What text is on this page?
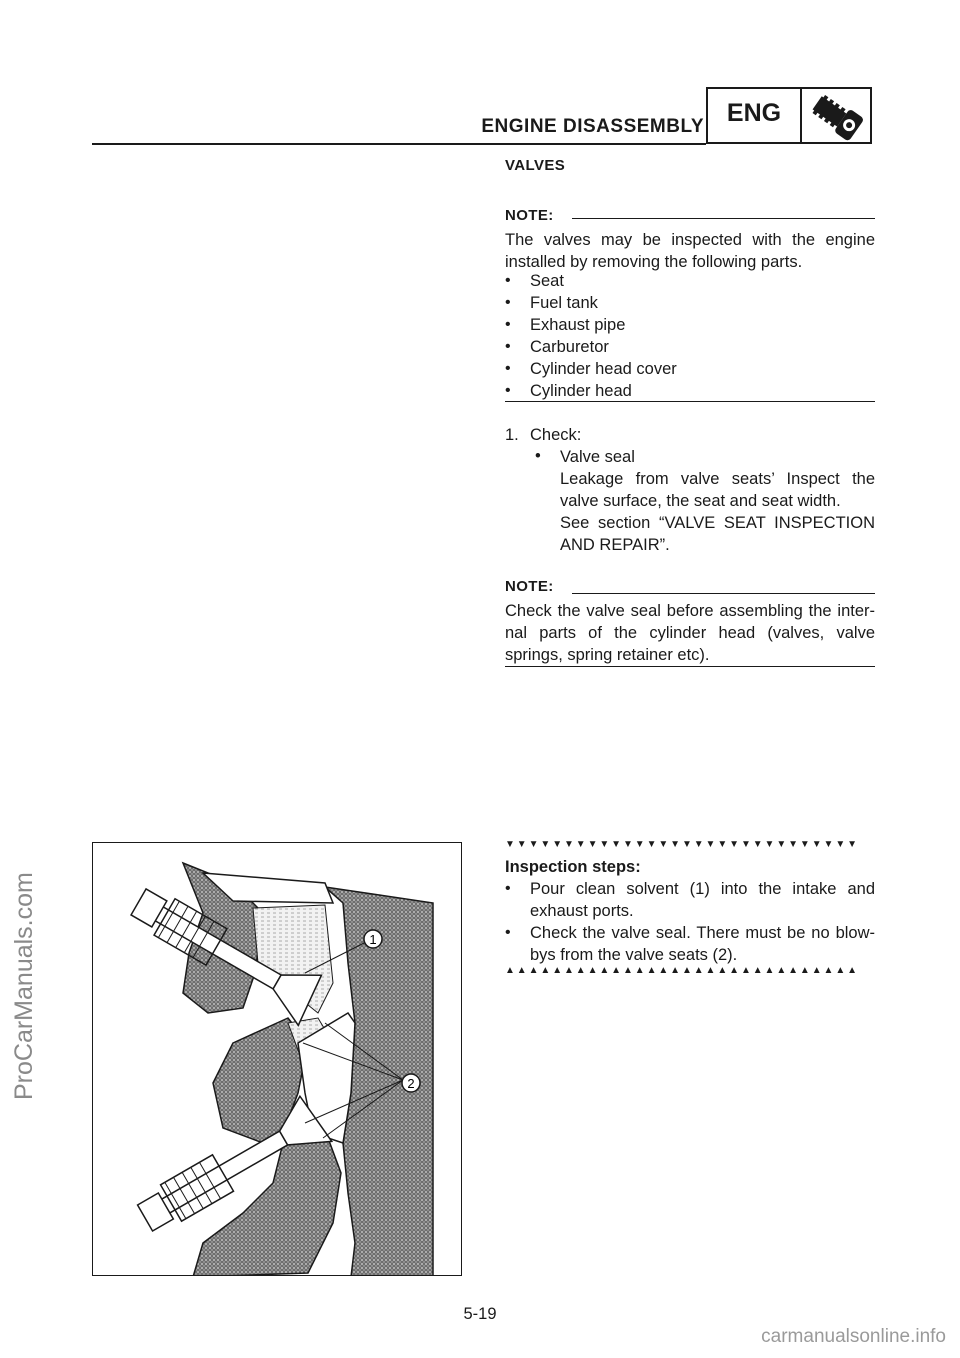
ENGINE DISASSEMBLY ENG
ProCarManuals.com
VALVES
NOTE:
The valves may be inspected with the engine installed by removing the following parts.
• Seat
• Fuel tank
• Exhaust pipe
• Carburetor
• Cylinder head cover
• Cylinder head
1. Check:
• Valve seal
Leakage from valve seats’ Inspect the valve surface, the seat and seat width.
See section “VALVE SEAT INSPECTION AND REPAIR”.
NOTE:
Check the valve seal before assembling the inter- nal parts of the cylinder head (valves, valve springs, spring retainer etc).
▼▼▼▼▼▼▼▼▼▼▼▼▼▼▼▼▼▼▼▼▼▼▼▼▼▼▼▼▼▼
Inspection steps:
• Pour clean solvent (1) into the intake and exhaust ports.
• Check the valve seal. There must be no blow- bys from the valve seats (2).
▲▲▲▲▲▲▲▲▲▲▲▲▲▲▲▲▲▲▲▲▲▲▲▲▲▲▲▲▲▲
1
2
5-19
carmanualsonline.info
